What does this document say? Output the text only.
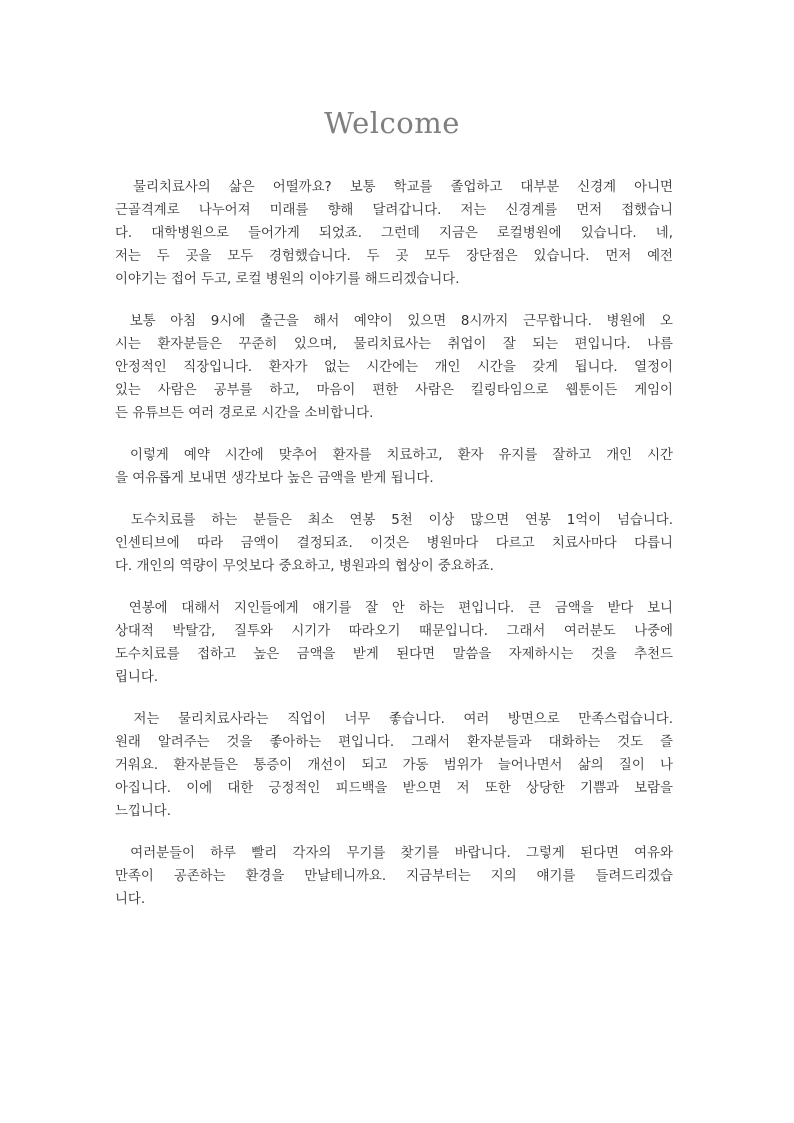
Welcome
물리치료사의 삶은 어떨까요? 보통 학교를 졸업하고 대부분 신경계 아니면
근골격계로 나누어져 미래를 향해 달려갑니다. 저는 신경계를 먼저 접했습니
다. 대학병원으로 들어가게 되었죠. 그런데 지금은 로컬병원에 있습니다. 네,
저는 두 곳을 모두 경험했습니다. 두 곳 모두 장단점은 있습니다. 먼저 예전
이야기는 접어 두고, 로컬 병원의 이야기를 해드리겠습니다.
보통 아침 9시에 출근을 해서 예약이 있으면 8시까지 근무합니다. 병원에 오
시는 환자분들은 꾸준히 있으며, 물리치료사는 취업이 잘 되는 편입니다. 나름
안정적인 직장입니다. 환자가 없는 시간에는 개인 시간을 갖게 됩니다. 열정이
있는 사람은 공부를 하고, 마음이 편한 사람은 킬링타임으로 웹툰이든 게임이
든 유튜브든 여러 경로로 시간을 소비합니다.
이렇게 예약 시간에 맞추어 환자를 치료하고, 환자 유지를 잘하고 개인 시간
을 여유롭게 보내면 생각보다 높은 금액을 받게 됩니다.
도수치료를 하는 분들은 최소 연봉 5천 이상 많으면 연봉 1억이 넘습니다.
인센티브에 따라 금액이 결정되죠. 이것은 병원마다 다르고 치료사마다 다릅니
다. 개인의 역량이 무엇보다 중요하고, 병원과의 협상이 중요하죠.
연봉에 대해서 지인들에게 얘기를 잘 안 하는 편입니다. 큰 금액을 받다 보니
상대적 박탈감, 질투와 시기가 따라오기 때문입니다. 그래서 여러분도 나중에
도수치료를 접하고 높은 금액을 받게 된다면 말씀을 자제하시는 것을 추천드
립니다.
저는 물리치료사라는 직업이 너무 좋습니다. 여러 방면으로 만족스럽습니다.
원래 알려주는 것을 좋아하는 편입니다. 그래서 환자분들과 대화하는 것도 즐
거워요. 환자분들은 통증이 개선이 되고 가동 범위가 늘어나면서 삶의 질이 나
아집니다. 이에 대한 긍정적인 피드백을 받으면 저 또한 상당한 기쁨과 보람을
느낍니다.
여러분들이 하루 빨리 각자의 무기를 찾기를 바랍니다. 그렇게 된다면 여유와
만족이 공존하는 환경을 만날테니까요. 지금부터는 지의 얘기를 들려드리겠습
니다.
